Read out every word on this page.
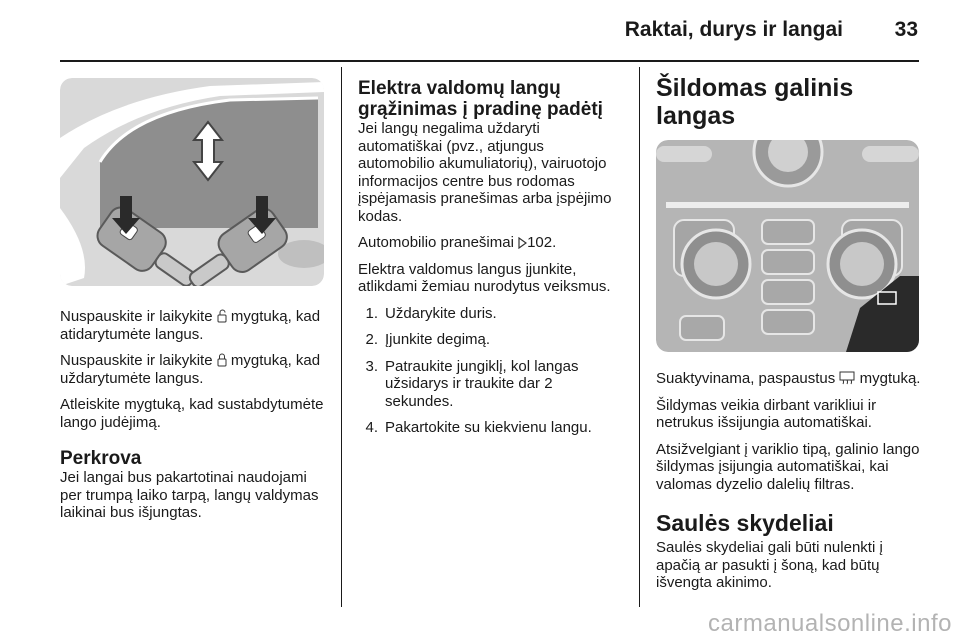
Raktai, durys ir langai 33

Nuspauskite ir laikykite  mygtuką, kad atidarytumėte langus.

Nuspauskite ir laikykite  mygtuką, kad uždarytumėte langus.

Atleiskite mygtuką, kad sustabdytumėte lango judėjimą.

Perkrova

Jei langai bus pakartotinai naudojami per trumpą laiko tarpą, langų valdymas laikinai bus išjungtas.

Elektra valdomų langų grąžinimas į pradinę padėtį

Jei langų negalima uždaryti automatiškai (pvz., atjungus automobilio akumuliatorių), vairuotojo informacijos centre bus rodomas įspėjamasis pranešimas arba įspėjimo kodas.

Automobilio pranešimai 102.

Elektra valdomus langus įjunkite, atlikdami žemiau nurodytus veiksmus.

1. Uždarykite duris.
2. Įjunkite degimą.
3. Patraukite jungiklį, kol langas užsidarys ir traukite dar 2 sekundes.
4. Pakartokite su kiekvienu langu.
Šildomas galinis langas

Suaktyvinama, paspaustus  mygtuką.

Šildymas veikia dirbant varikliui ir netrukus išsijungia automatiškai.

Atsižvelgiant į variklio tipą, galinio lango šildymas įsijungia automatiškai, kai valomas dyzelio dalelių filtras.

Saulės skydeliai

Saulės skydeliai gali būti nulenkti į apačią ar pasukti į šoną, kad būtų išvengta akinimo.

carmanualsonline.info
